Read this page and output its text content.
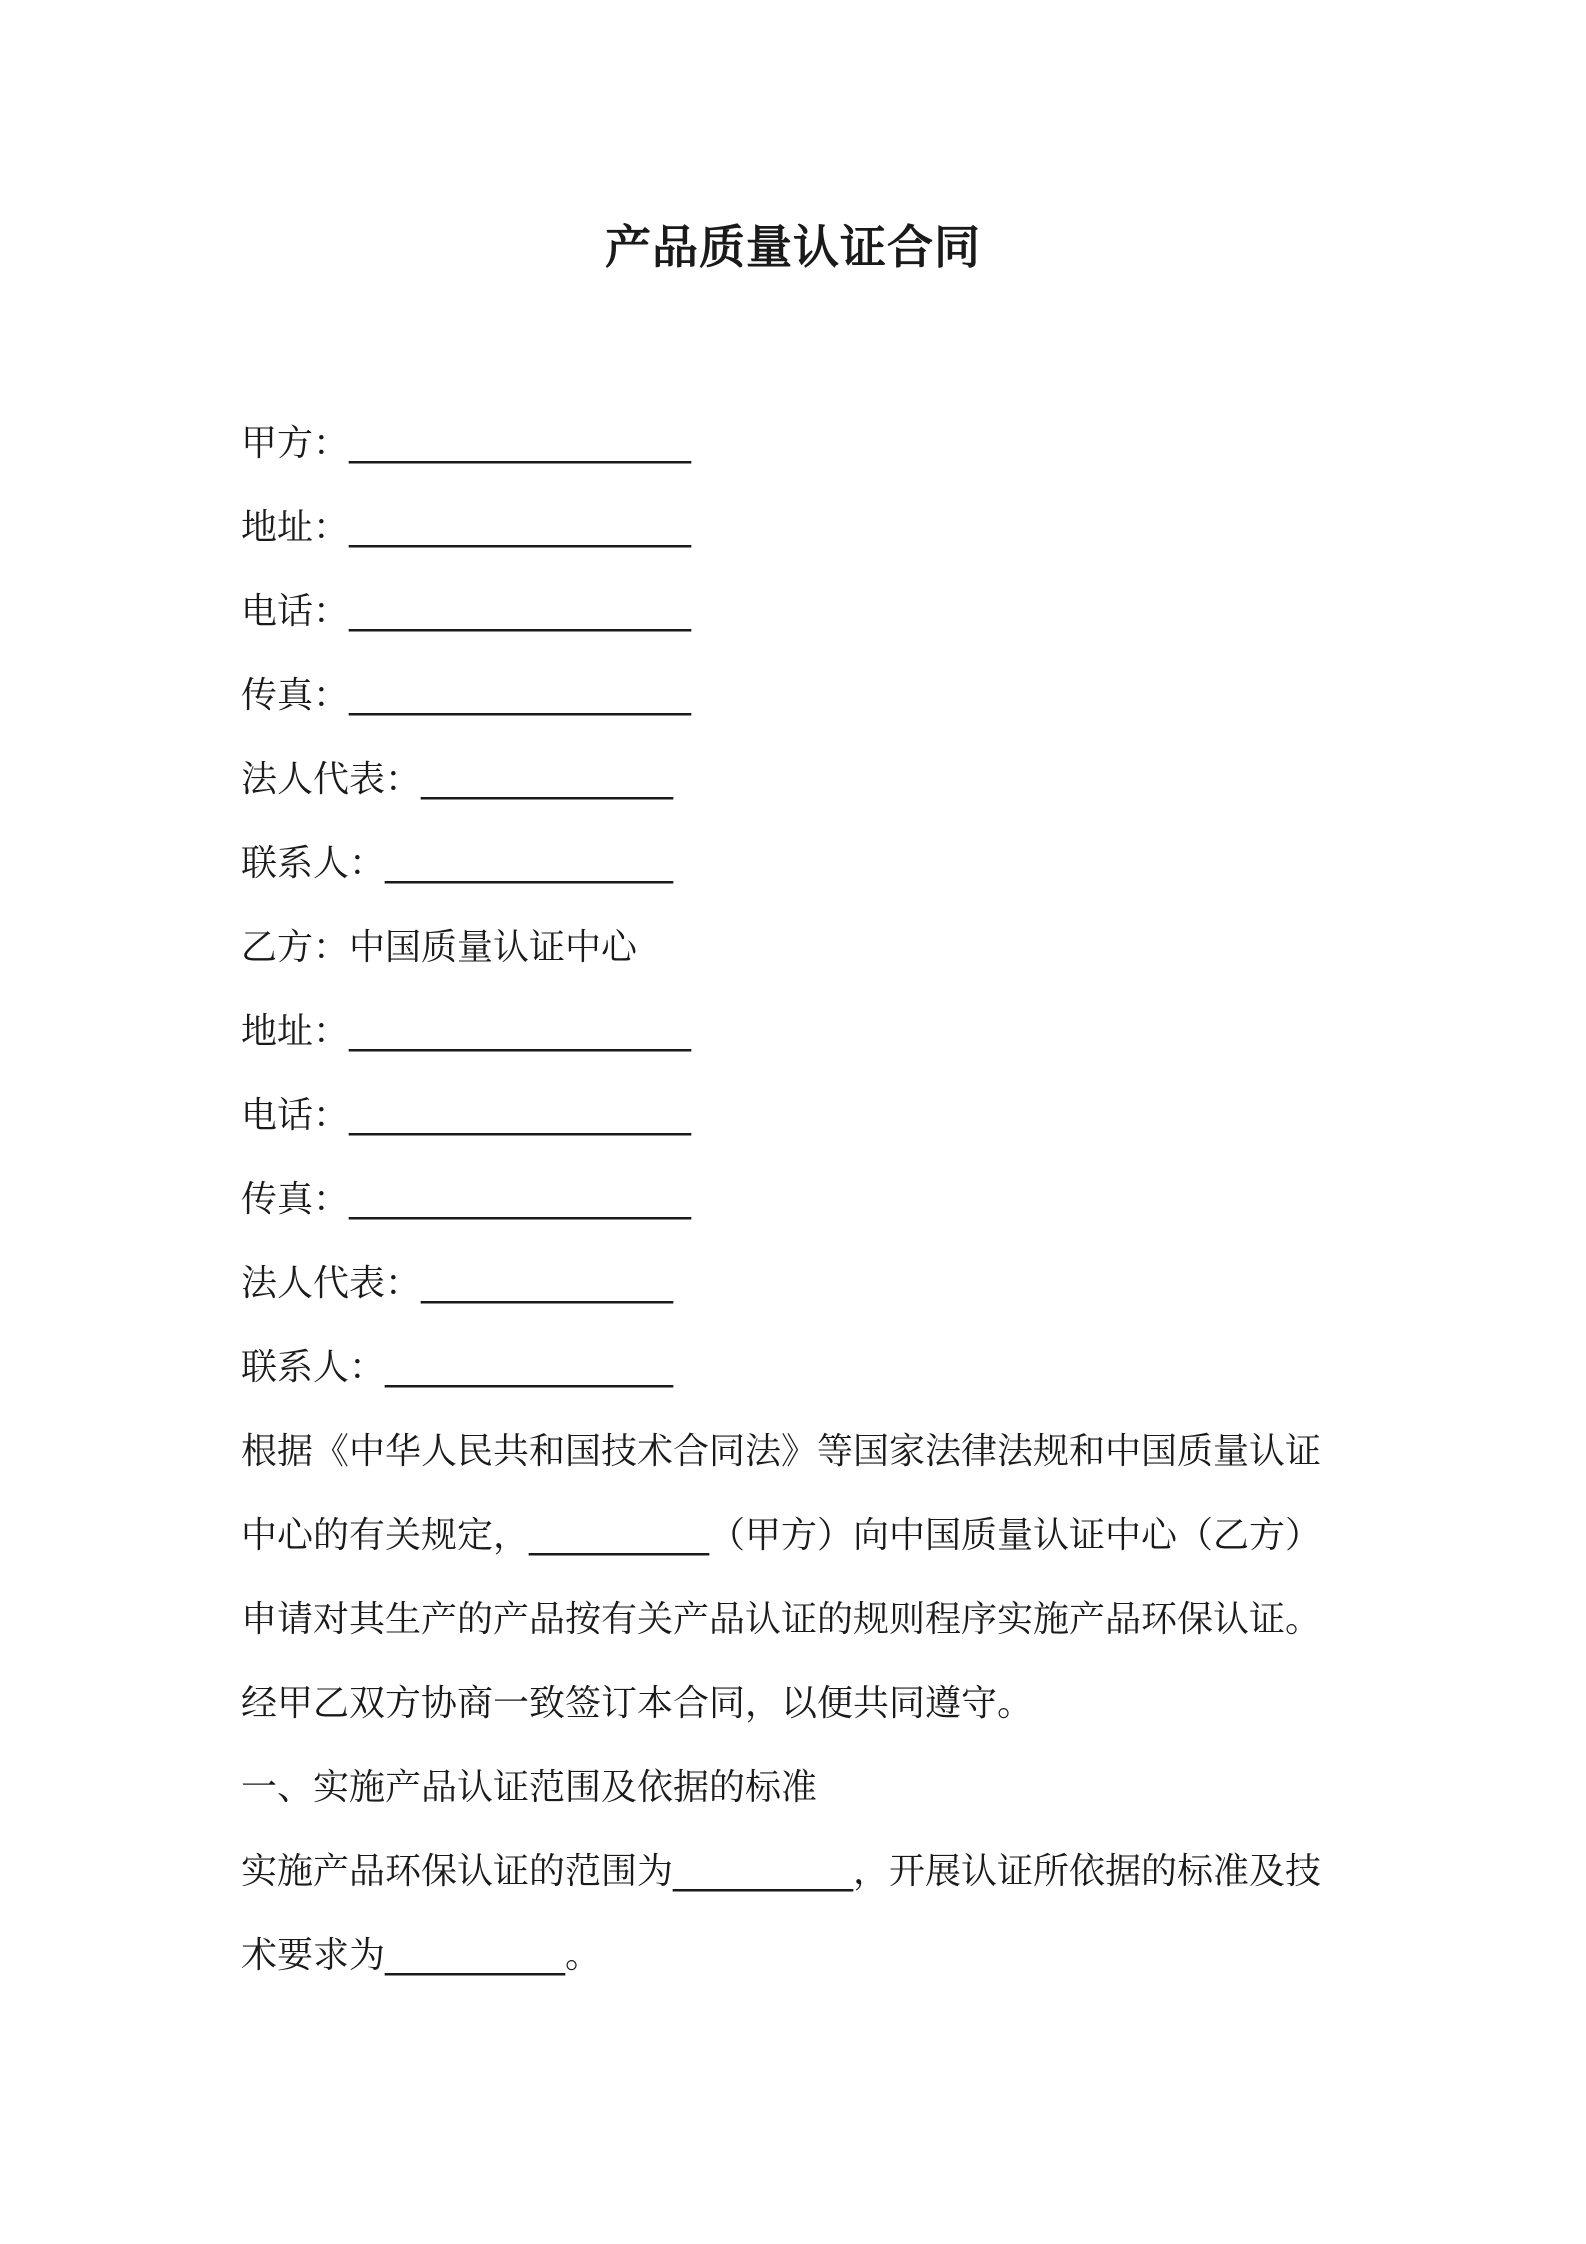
产品质量认证合同
甲方：___________________
地址：___________________
电话：___________________
传真：___________________
法人代表：______________
联系人：________________
乙方：中国质量认证中心
地址：___________________
电话：___________________
传真：___________________
法人代表：______________
联系人：________________
根据《中华人民共和国技术合同法》等国家法律法规和中国质量认证
中心的有关规定，__________（甲方）向中国质量认证中心（乙方）
申请对其生产的产品按有关产品认证的规则程序实施产品环保认证。
经甲乙双方协商一致签订本合同，以便共同遵守。
一、实施产品认证范围及依据的标准
实施产品环保认证的范围为__________，开展认证所依据的标准及技
术要求为__________。
